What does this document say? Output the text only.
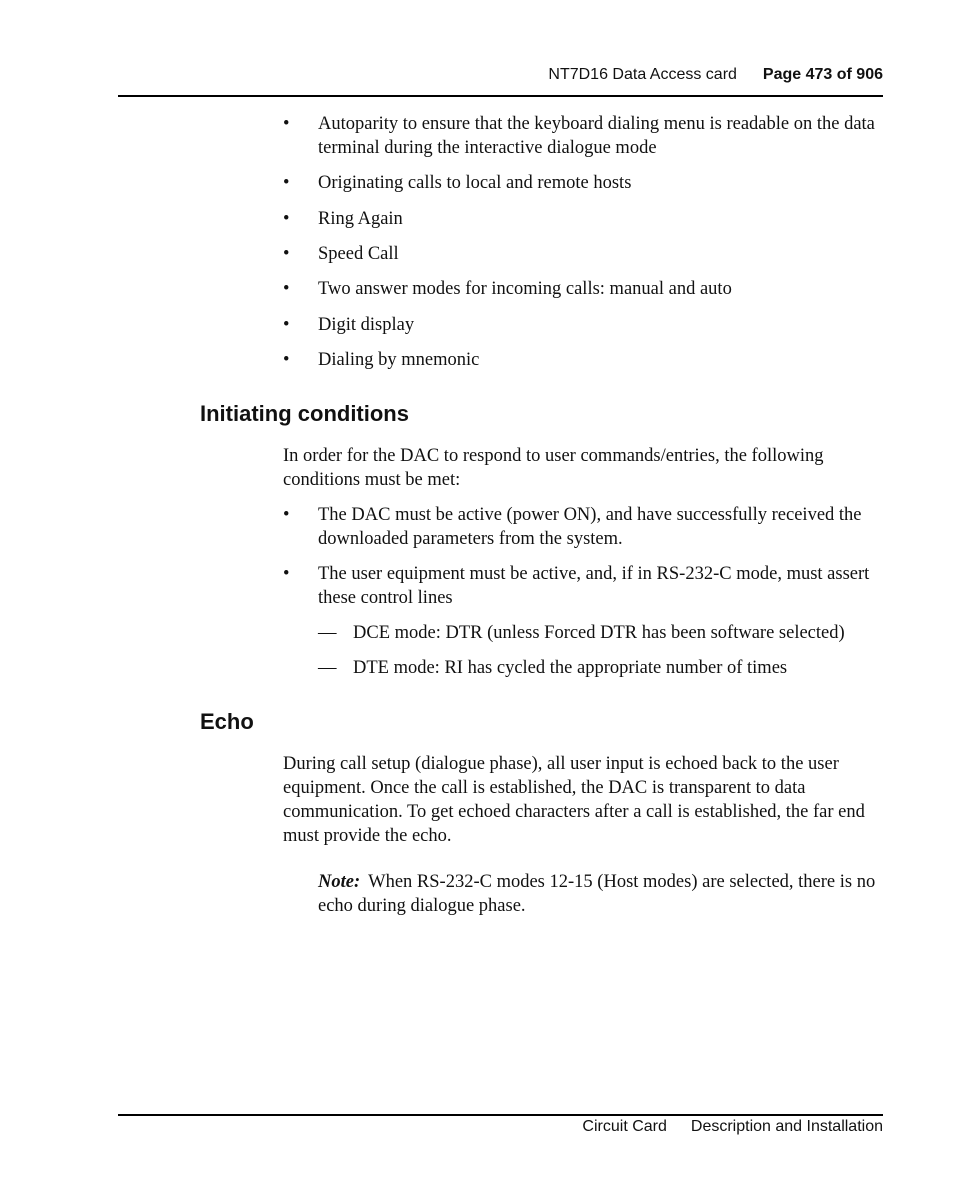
NT7D16 Data Access card Page 473 of 906
• Autoparity to ensure that the keyboard dialing menu is readable on the data terminal during the interactive dialogue mode
• Originating calls to local and remote hosts
• Ring Again
• Speed Call
• Two answer modes for incoming calls: manual and auto
• Digit display
• Dialing by mnemonic
Initiating conditions
In order for the DAC to respond to user commands/entries, the following conditions must be met:
• The DAC must be active (power ON), and have successfully received the downloaded parameters from the system.
• The user equipment must be active, and, if in RS-232-C mode, must assert these control lines
— DCE mode: DTR (unless Forced DTR has been software selected)
— DTE mode: RI has cycled the appropriate number of times
Echo
During call setup (dialogue phase), all user input is echoed back to the user equipment. Once the call is established, the DAC is transparent to data communication. To get echoed characters after a call is established, the far end must provide the echo.
Note: When RS-232-C modes 12-15 (Host modes) are selected, there is no echo during dialogue phase.
Circuit Card Description and Installation
